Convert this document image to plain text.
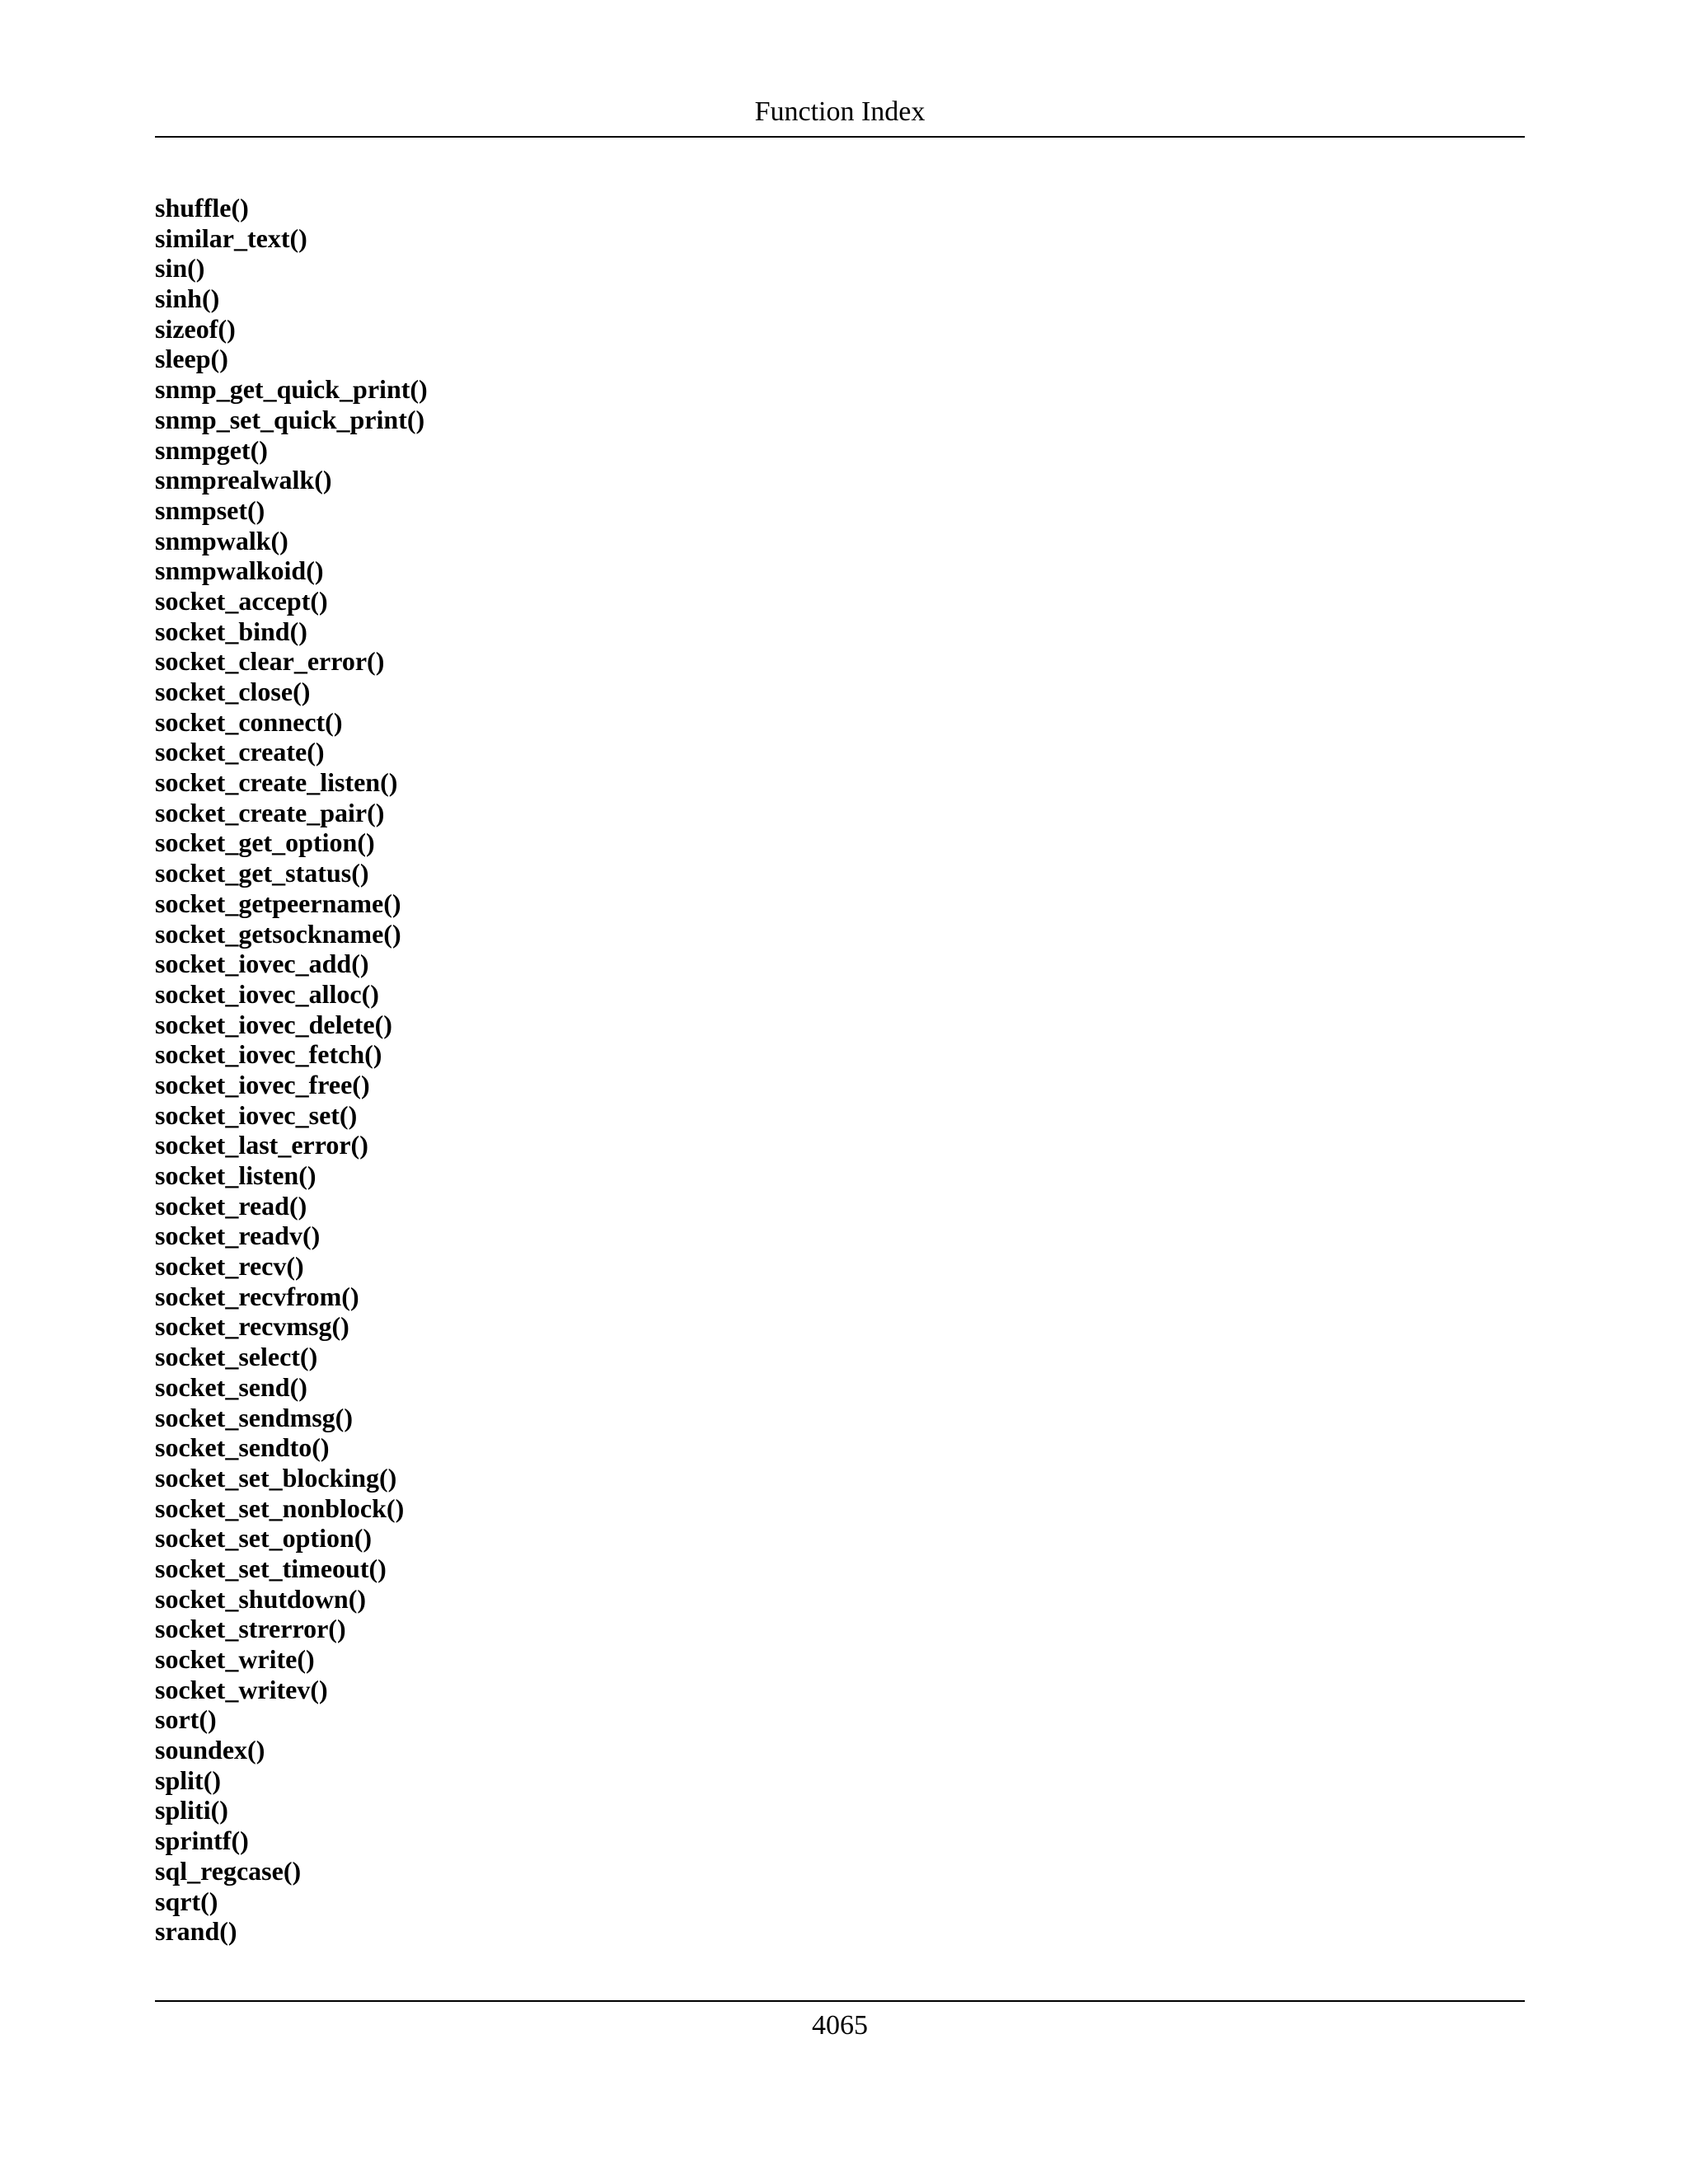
Function Index
shuffle()
similar_text()
sin()
sinh()
sizeof()
sleep()
snmp_get_quick_print()
snmp_set_quick_print()
snmpget()
snmprealwalk()
snmpset()
snmpwalk()
snmpwalkoid()
socket_accept()
socket_bind()
socket_clear_error()
socket_close()
socket_connect()
socket_create()
socket_create_listen()
socket_create_pair()
socket_get_option()
socket_get_status()
socket_getpeername()
socket_getsockname()
socket_iovec_add()
socket_iovec_alloc()
socket_iovec_delete()
socket_iovec_fetch()
socket_iovec_free()
socket_iovec_set()
socket_last_error()
socket_listen()
socket_read()
socket_readv()
socket_recv()
socket_recvfrom()
socket_recvmsg()
socket_select()
socket_send()
socket_sendmsg()
socket_sendto()
socket_set_blocking()
socket_set_nonblock()
socket_set_option()
socket_set_timeout()
socket_shutdown()
socket_strerror()
socket_write()
socket_writev()
sort()
soundex()
split()
spliti()
sprintf()
sql_regcase()
sqrt()
srand()
4065
